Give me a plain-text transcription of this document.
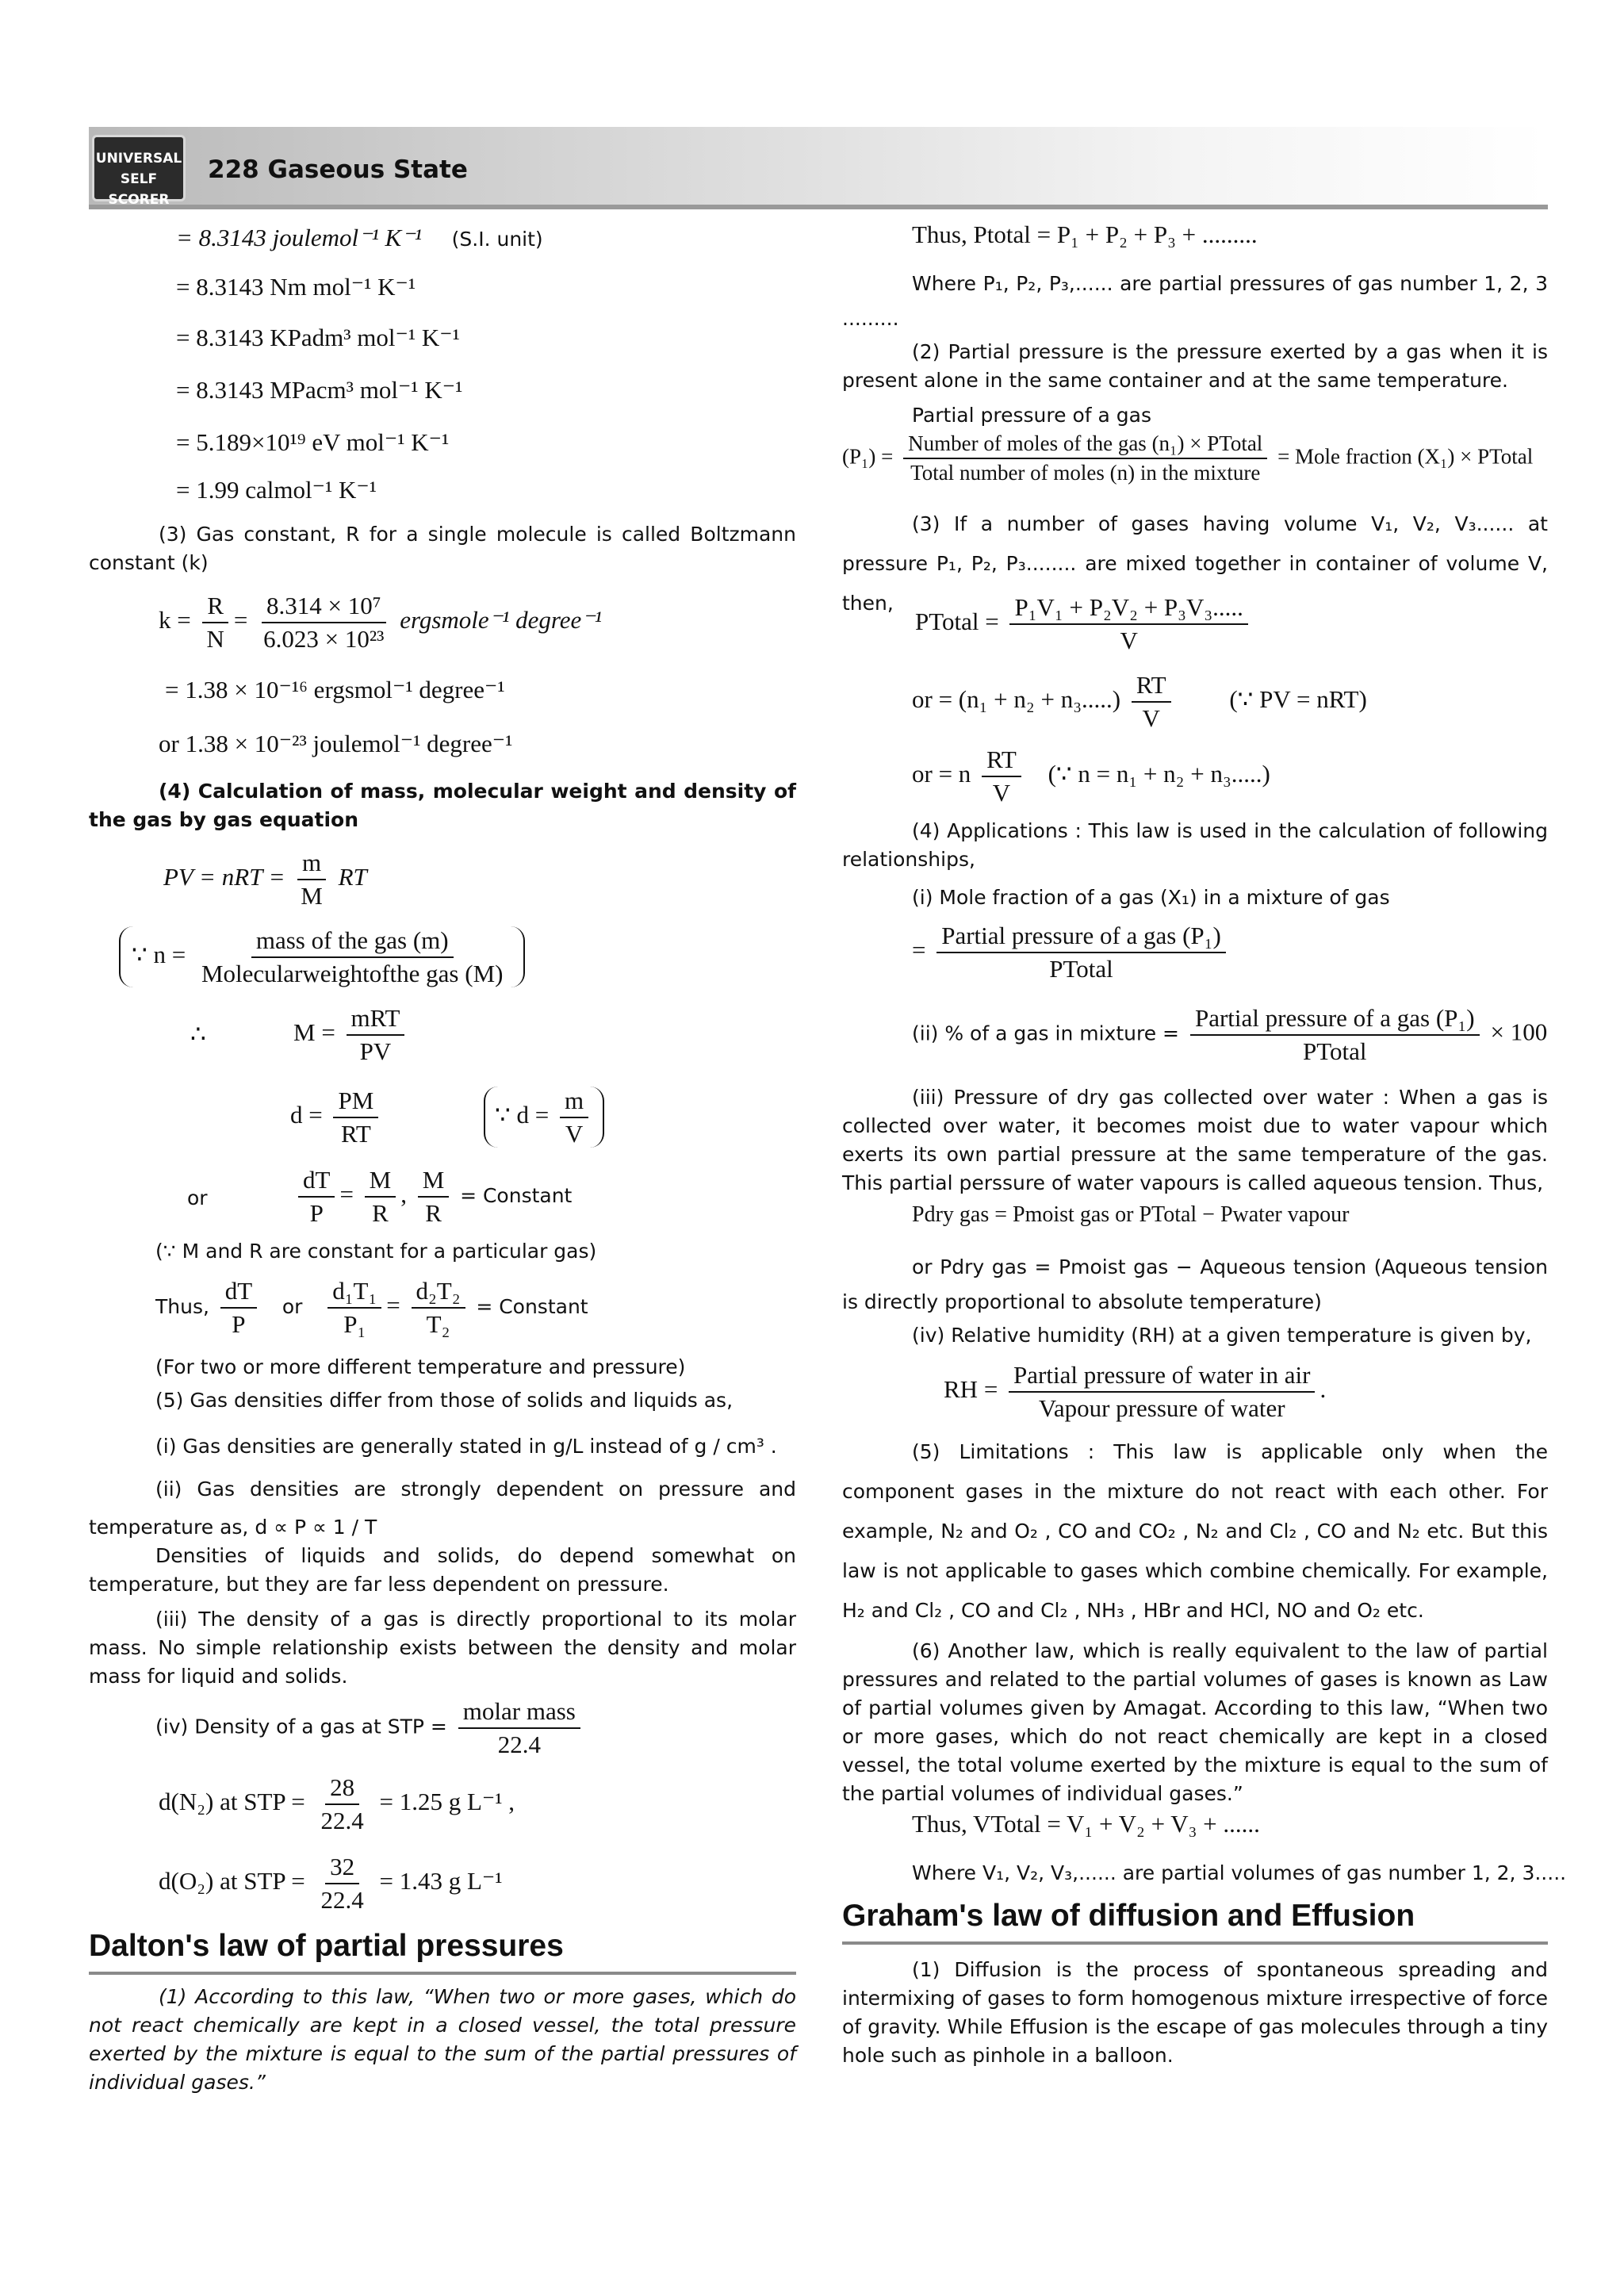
UNIVERSAL
SELF SCORER
228 Gaseous State
= 8.3143 joulemol⁻¹ K⁻¹ (S.I. unit)
= 8.3143 Nm mol⁻¹ K⁻¹
= 8.3143 KPadm³ mol⁻¹ K⁻¹
= 8.3143 MPacm³ mol⁻¹ K⁻¹
= 5.189×10¹⁹ eV mol⁻¹ K⁻¹
= 1.99 calmol⁻¹ K⁻¹
(3) Gas constant, R for a single molecule is called Boltzmann constant (k)
$k = \frac{R}{N} = \frac{\text{8.314 × 10⁷}}{\text{6.023 × 10²³}}$ ergsmole⁻¹ degree⁻¹
= 1.38 × 10⁻¹⁶ ergsmol⁻¹ degree⁻¹
or 1.38 × 10⁻²³ joulemol⁻¹ degree⁻¹
(4) Calculation of mass, molecular weight and density of the gas by gas equation
PV = nRT = $\frac{m}{M}$ RT
∵ $n = \frac{\text{mass of the gas (m)}}{\text{Molecularweightofthe gas (M)}}$
∴	$M = \frac{\text{mRT}}{PV}$
$d = \frac{PM}{RT}$	∵ $d = \frac{m}{V}$
or	$\frac{dT}{P} = \frac{M}{R}$ , $\frac{M}{R}$ = Constant
(∵ M and R are constant for a particular gas)
Thus, $\frac{dT}{P}$ or $\frac{\text{d₁T₁}}{\text{P₁}} = \frac{\text{d₂T₂}}{\text{T₂}}$ = Constant
(For two or more different temperature and pressure)
(5) Gas densities differ from those of solids and liquids as,
(i) Gas densities are generally stated in g/L instead of g / cm³ .
(ii) Gas densities are strongly dependent on pressure and temperature as, d ∝ P ∝ 1 / T
Densities of liquids and solids, do depend somewhat on temperature, but they are far less dependent on pressure.
(iii) The density of a gas is directly proportional to its molar mass. No simple relationship exists between the density and molar mass for liquid and solids.
(iv) Density of a gas at STP = $\frac{\text{molar mass}}{22.4}$
d(N₂) at STP = $\frac{28}{22.4} = 1.25$ g L⁻¹ ,
d(O₂) at STP = $\frac{32}{22.4} = 1.43$ g L⁻¹
Dalton's law of partial pressures
(1) According to this law, “When two or more gases, which do not react chemically are kept in a closed vessel, the total pressure exerted by the mixture is equal to the sum of the partial pressures of individual gases.”
Thus, Ptotal = P₁ + P₂ + P₃ + .........
Where P₁, P₂, P₃,...... are partial pressures of gas number 1, 2, 3 .........
(2) Partial pressure is the pressure exerted by a gas when it is present alone in the same container and at the same temperature.
Partial pressure of a gas
$(P_1) = \frac{\text{Number of moles of the gas (n₁) × PTotal}}{\text{Total number of moles (n) in the mixture}}$ = Mole fraction (X₁) × PTotal
(3) If a number of gases having volume V₁, V₂, V₃...... at pressure P₁, P₂, P₃........ are mixed together in container of volume V, then,
PTotal = $\frac{\text{P₁V₁ + P₂V₂ + P₃V₃.....}}{V}$
or = $(n_1 + n_2 + n_3.....) \frac{RT}{V}$ (∵ PV = nRT)
or = n $\frac{RT}{V}$ (∵ n = n₁ + n₂ + n₃.....)
(4) Applications : This law is used in the calculation of following relationships,
(i) Mole fraction of a gas (X₁) in a mixture of gas
= $\frac{\text{Partial pressure of a gas (P₁)}}{\text{PTotal}}$
(ii) % of a gas in mixture = $\frac{\text{Partial pressure of a gas (P₁)}}{\text{PTotal}} \times 100$
(iii) Pressure of dry gas collected over water : When a gas is collected over water, it becomes moist due to water vapour which exerts its own partial pressure at the same temperature of the gas. This partial perssure of water vapours is called aqueous tension. Thus,
Pdry gas = Pmoist gas or PTotal − Pwater vapour
or Pdry gas = Pmoist gas − Aqueous tension (Aqueous tension is directly proportional to absolute temperature)
(iv) Relative humidity (RH) at a given temperature is given by,
RH = $\frac{\text{Partial pressure of water in air}}{\text{Vapour pressure of water}}$ .
(5) Limitations : This law is applicable only when the component gases in the mixture do not react with each other. For example, N₂ and O₂ , CO and CO₂ , N₂ and Cl₂ , CO and N₂ etc. But this law is not applicable to gases which combine chemically. For example, H₂ and Cl₂ , CO and Cl₂ , NH₃ , HBr and HCl, NO and O₂ etc.
(6) Another law, which is really equivalent to the law of partial pressures and related to the partial volumes of gases is known as Law of partial volumes given by Amagat. According to this law, “When two or more gases, which do not react chemically are kept in a closed vessel, the total volume exerted by the mixture is equal to the sum of the partial volumes of individual gases.”
Thus, VTotal = V₁ + V₂ + V₃ + ......
Where V₁, V₂, V₃,...... are partial volumes of gas number 1, 2, 3.....
Graham's law of diffusion and Effusion
(1) Diffusion is the process of spontaneous spreading and intermixing of gases to form homogenous mixture irrespective of force of gravity. While Effusion is the escape of gas molecules through a tiny hole such as pinhole in a balloon.
